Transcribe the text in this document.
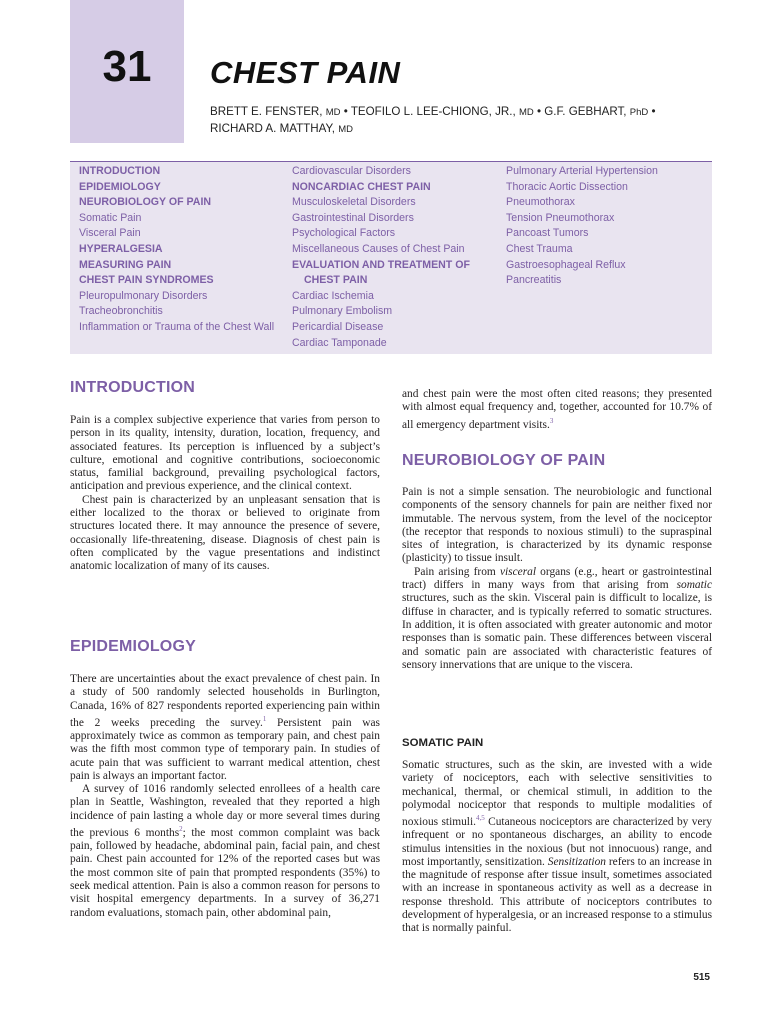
31	CHEST PAIN
BRETT E. FENSTER, MD • TEOFILO L. LEE-CHIONG, JR., MD • G.F. GEBHART, PhD •
RICHARD A. MATTHAY, MD
INTRODUCTION
EPIDEMIOLOGY
NEUROBIOLOGY OF PAIN
Somatic Pain
Visceral Pain
HYPERALGESIA
MEASURING PAIN
CHEST PAIN SYNDROMES
Pleuropulmonary Disorders
Tracheobronchitis
Inflammation or Trauma of the Chest Wall
Cardiovascular Disorders
NONCARDIAC CHEST PAIN
Musculoskeletal Disorders
Gastrointestinal Disorders
Psychological Factors
Miscellaneous Causes of Chest Pain
EVALUATION AND TREATMENT OF CHEST PAIN
Cardiac Ischemia
Pulmonary Embolism
Pericardial Disease
Cardiac Tamponade
Pulmonary Arterial Hypertension
Thoracic Aortic Dissection
Pneumothorax
Tension Pneumothorax
Pancoast Tumors
Chest Trauma
Gastroesophageal Reflux
Pancreatitis
INTRODUCTION

Pain is a complex subjective experience that varies from person to person in its quality, intensity, duration, location, frequency, and associated features. Its perception is influenced by a subject’s culture, emotional and cognitive contributions, socioeconomic status, familial background, prevailing psychological factors, anticipation and previous experience, and the clinical context.

Chest pain is characterized by an unpleasant sensation that is either localized to the thorax or believed to originate from structures located there. It may announce the presence of severe, occasionally life-threatening, disease. Diagnosis of chest pain is often complicated by the vague presentations and indistinct anatomic localization of many of its causes.

EPIDEMIOLOGY

There are uncertainties about the exact prevalence of chest pain. In a study of 500 randomly selected households in Burlington, Canada, 16% of 827 respondents reported experiencing pain within the 2 weeks preceding the survey.$^1$ Persistent pain was approximately twice as common as temporary pain, and chest pain was the fifth most common type of temporary pain. In studies of acute pain that was sufficient to warrant medical attention, chest pain is always an important factor.

A survey of 1016 randomly selected enrollees of a health care plan in Seattle, Washington, revealed that they reported a high incidence of pain lasting a whole day or more several times during the previous 6 months$^2$; the most common complaint was back pain, followed by headache, abdominal pain, facial pain, and chest pain. Chest pain accounted for 12% of the reported cases but was the most common site of pain that prompted respondents (35%) to seek medical attention. Pain is also a common reason for persons to visit hospital emergency departments. In a survey of 36,271 random evaluations, stomach pain, other abdominal pain,

and chest pain were the most often cited reasons; they presented with almost equal frequency and, together, accounted for 10.7% of all emergency department visits.$^3$

NEUROBIOLOGY OF PAIN

Pain is not a simple sensation. The neurobiologic and functional components of the sensory channels for pain are neither fixed nor immutable. The nervous system, from the level of the nociceptor (the receptor that responds to noxious stimuli) to the supraspinal sites of integration, is characterized by its dynamic response (plasticity) to tissue insult.

Pain arising from visceral organs (e.g., heart or gastrointestinal tract) differs in many ways from that arising from somatic structures, such as the skin. Visceral pain is difficult to localize, is diffuse in character, and is typically referred to somatic structures. In addition, it is often associated with greater autonomic and motor responses than is somatic pain. These differences between visceral and somatic pain are associated with characteristic features of sensory innervations that are unique to the viscera.

SOMATIC PAIN

Somatic structures, such as the skin, are invested with a wide variety of nociceptors, each with selective sensitivities to mechanical, thermal, or chemical stimuli, in addition to the polymodal nociceptor that responds to multiple modalities of noxious stimuli.$^{4,5}$ Cutaneous nociceptors are characterized by very infrequent or no spontaneous discharges, an ability to encode stimulus intensities in the noxious (but not innocuous) range, and most importantly, sensitization. Sensitization refers to an increase in the magnitude of response after tissue insult, sometimes associated with an increase in spontaneous activity as well as a decrease in response threshold. This attribute of nociceptors contributes to development of hyperalgesia, or an increased response to a stimulus that is normally painful.

515
